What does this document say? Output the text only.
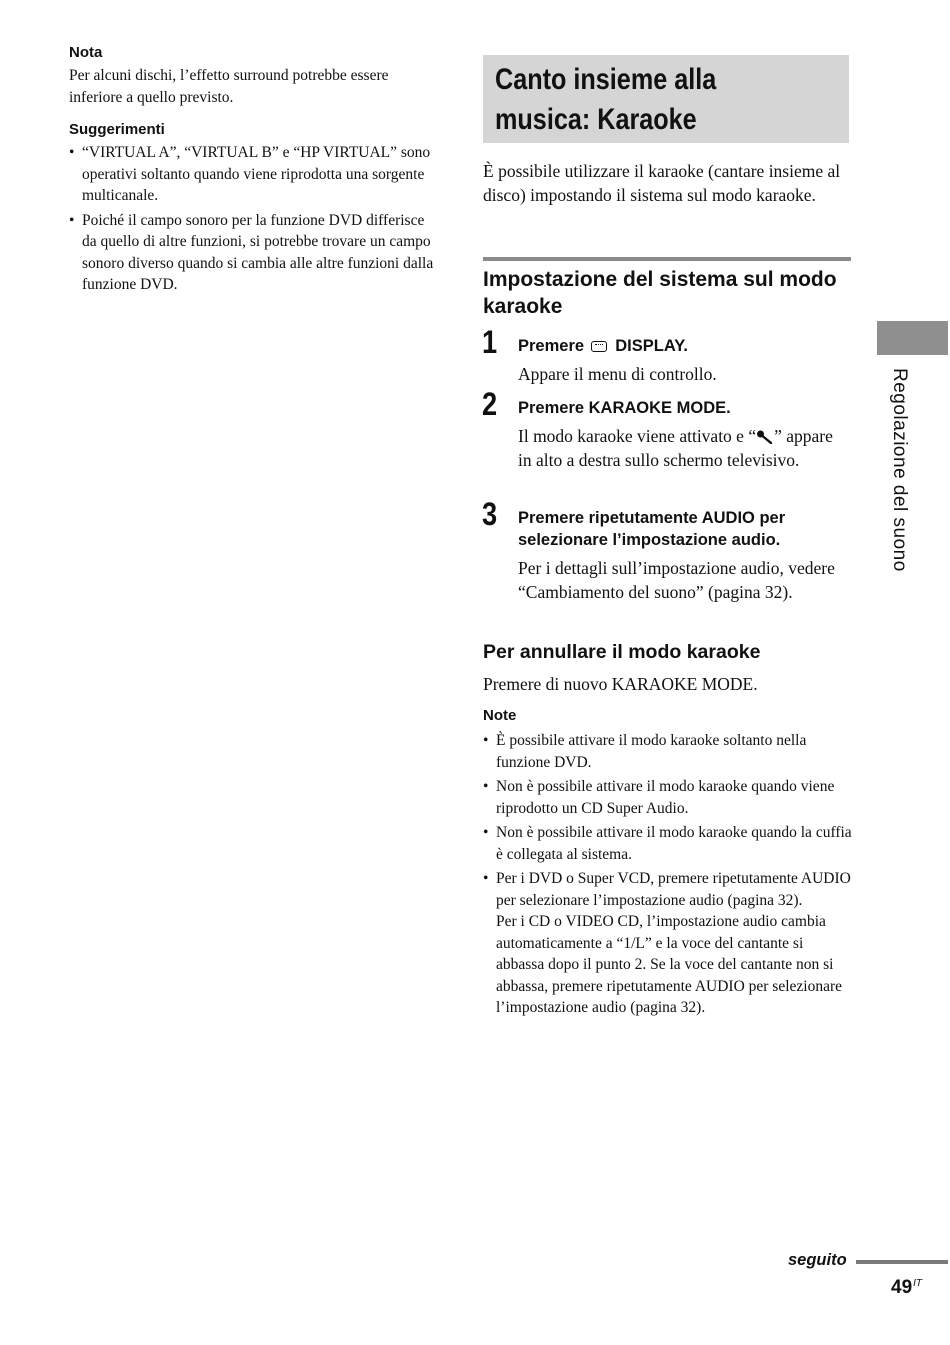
Nota

Per alcuni dischi, l’effetto surround potrebbe essere inferiore a quello previsto.

Suggerimenti
• “VIRTUAL A”, “VIRTUAL B” e “HP VIRTUAL” sono operativi soltanto quando viene riprodotta una sorgente multicanale.
• Poiché il campo sonoro per la funzione DVD differisce da quello di altre funzioni, si potrebbe trovare un campo sonoro diverso quando si cambia alle altre funzioni dalla funzione DVD.
Canto insieme alla
musica: Karaoke

È possibile utilizzare il karaoke (cantare insieme al disco) impostando il sistema sul modo karaoke.

Impostazione del sistema sul modo karaoke
1 Premere DISPLAY.

Appare il menu di controllo.

2 Premere KARAOKE MODE.

Il modo karaoke viene attivato e “ ” appare in alto a destra sullo schermo televisivo.

3 Premere ripetutamente AUDIO per selezionare l’impostazione audio.

Per i dettagli sull’impostazione audio, vedere “Cambiamento del suono” (pagina 32).

Per annullare il modo karaoke

Premere di nuovo KARAOKE MODE.

Note
• È possibile attivare il modo karaoke soltanto nella funzione DVD.
• Non è possibile attivare il modo karaoke quando viene riprodotto un CD Super Audio.
• Non è possibile attivare il modo karaoke quando la cuffia è collegata al sistema.
• Per i DVD o Super VCD, premere ripetutamente AUDIO per selezionare l’impostazione audio (pagina 32).
Per i CD o VIDEO CD, l’impostazione audio cambia automaticamente a “1/L” e la voce del cantante si abbassa dopo il punto 2. Se la voce del cantante non si abbassa, premere ripetutamente AUDIO per selezionare l’impostazione audio (pagina 32).
Regolazione del suono
seguito
$49^{IT}$
